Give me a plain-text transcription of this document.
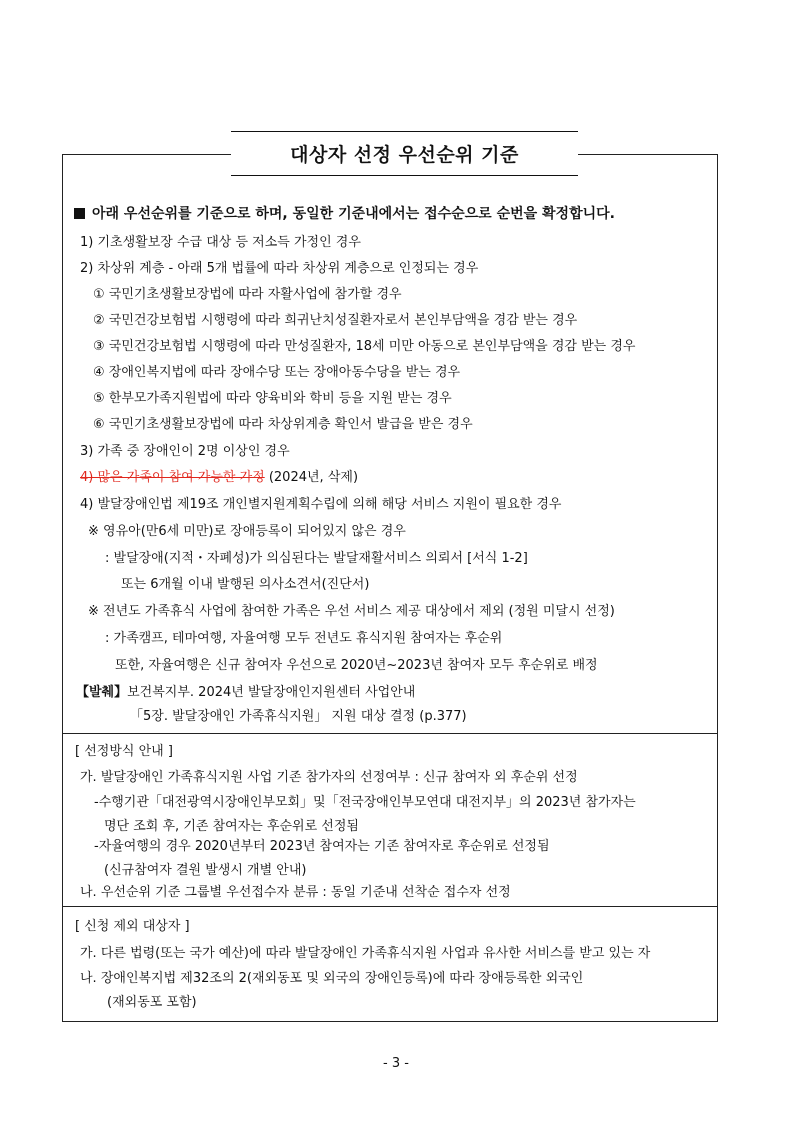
대상자 선정 우선순위 기준
아래 우선순위를 기준으로 하며, 동일한 기준내에서는 접수순으로 순번을 확정합니다.
1) 기초생활보장 수급 대상 등 저소득 가정인 경우
2) 차상위 계층 - 아래 5개 법률에 따라 차상위 계층으로 인정되는 경우
① 국민기초생활보장법에 따라 자활사업에 참가할 경우
② 국민건강보험법 시행령에 따라 희귀난치성질환자로서 본인부담액을 경감 받는 경우
③ 국민건강보험법 시행령에 따라 만성질환자, 18세 미만 아동으로 본인부담액을 경감 받는 경우
④ 장애인복지법에 따라 장애수당 또는 장애아동수당을 받는 경우
⑤ 한부모가족지원법에 따라 양육비와 학비 등을 지원 받는 경우
⑥ 국민기초생활보장법에 따라 차상위계층 확인서 발급을 받은 경우
3) 가족 중 장애인이 2명 이상인 경우
4) 많은 가족이 참여 가능한 가정 (2024년, 삭제)
4) 발달장애인법 제19조 개인별지원계획수립에 의해 해당 서비스 지원이 필요한 경우
※ 영유아(만6세 미만)로 장애등록이 되어있지 않은 경우
: 발달장애(지적・자폐성)가 의심된다는 발달재활서비스 의뢰서 [서식 1-2]
또는 6개월 이내 발행된 의사소견서(진단서)
※ 전년도 가족휴식 사업에 참여한 가족은 우선 서비스 제공 대상에서 제외 (정원 미달시 선정)
: 가족캠프, 테마여행, 자율여행 모두 전년도 휴식지원 참여자는 후순위
또한, 자율여행은 신규 참여자 우선으로 2020년~2023년 참여자 모두 후순위로 배정
【발췌】보건복지부. 2024년 발달장애인지원센터 사업안내
「5장. 발달장애인 가족휴식지원」 지원 대상 결정 (p.377)
[ 선정방식 안내 ]
가. 발달장애인 가족휴식지원 사업 기존 참가자의 선정여부 : 신규 참여자 외 후순위 선정
-수행기관「대전광역시장애인부모회」및「전국장애인부모연대 대전지부」의 2023년 참가자는
명단 조회 후, 기존 참여자는 후순위로 선정됨
-자율여행의 경우 2020년부터 2023년 참여자는 기존 참여자로 후순위로 선정됨
(신규참여자 결원 발생시 개별 안내)
나. 우선순위 기준 그룹별 우선접수자 분류 : 동일 기준내 선착순 접수자 선정
[ 신청 제외 대상자 ]
가. 다른 법령(또는 국가 예산)에 따라 발달장애인 가족휴식지원 사업과 유사한 서비스를 받고 있는 자
나. 장애인복지법 제32조의 2(재외동포 및 외국의 장애인등록)에 따라 장애등록한 외국인
(재외동포 포함)
- 3 -
